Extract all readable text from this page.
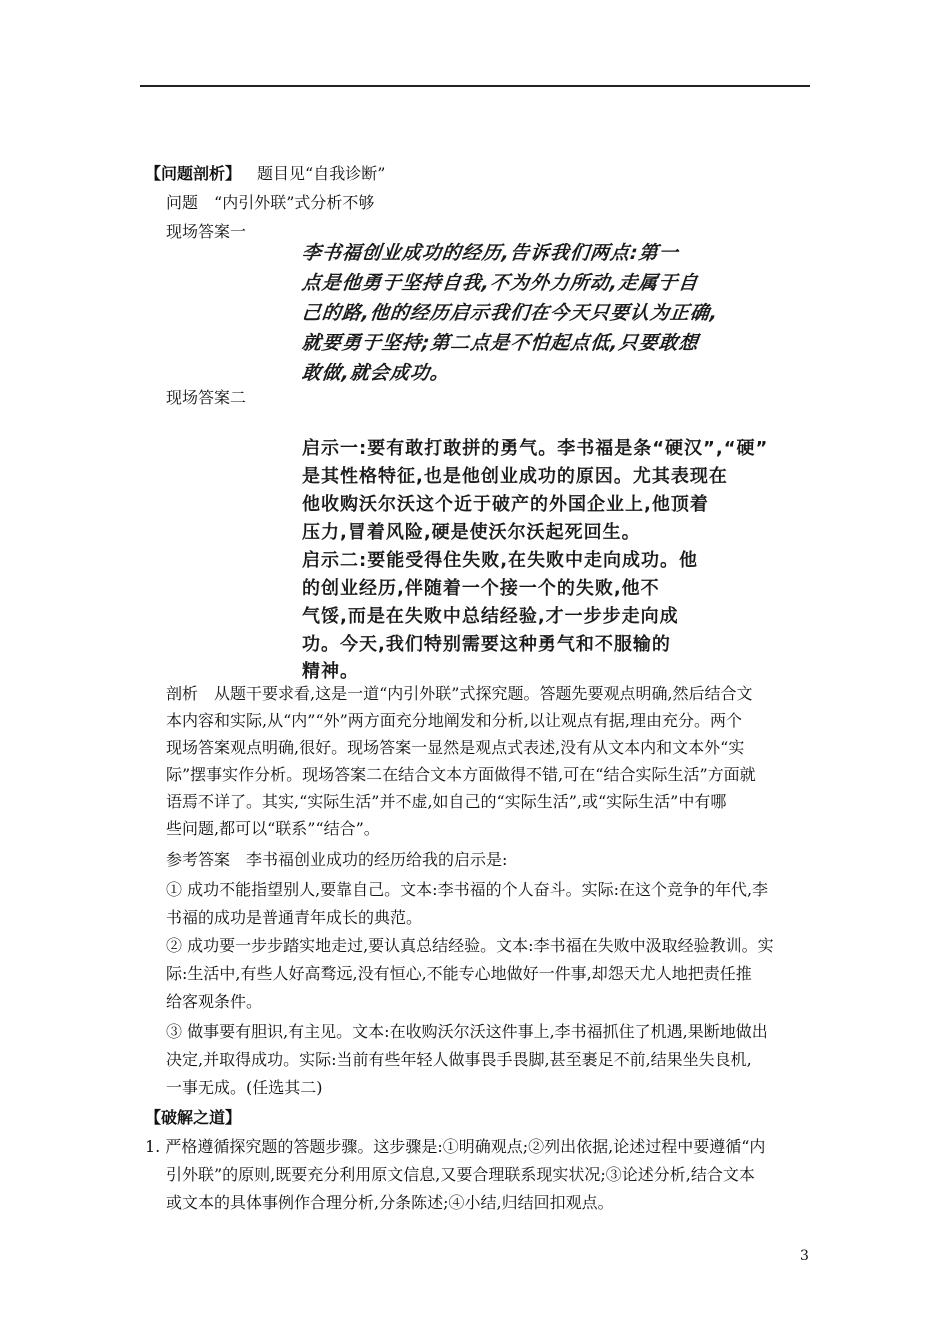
【问题剖析】 题目见“自我诊断”
问题 “内引外联”式分析不够
现场答案一
李书福创业成功的经历,告诉我们两点:第一
点是他勇于坚持自我,不为外力所动,走属于自
己的路,他的经历启示我们在今天只要认为正确,
就要勇于坚持;第二点是不怕起点低,只要敢想
敢做,就会成功。
现场答案二
启示一:要有敢打敢拼的勇气。李书福是条“硬汉”,“硬”
是其性格特征,也是他创业成功的原因。尤其表现在
他收购沃尔沃这个近于破产的外国企业上,他顶着
压力,冒着风险,硬是使沃尔沃起死回生。
启示二:要能受得住失败,在失败中走向成功。他
的创业经历,伴随着一个接一个的失败,他不
气馁,而是在失败中总结经验,才一步步走向成
功。今天,我们特别需要这种勇气和不服输的
精神。
剖析　从题干要求看,这是一道“内引外联”式探究题。答题先要观点明确,然后结合文
本内容和实际,从“内”“外”两方面充分地阐发和分析,以让观点有据,理由充分。两个
现场答案观点明确,很好。现场答案一显然是观点式表述,没有从文本内和文本外“实
际”摆事实作分析。现场答案二在结合文本方面做得不错,可在“结合实际生活”方面就
语焉不详了。其实,“实际生活”并不虚,如自己的“实际生活”,或“实际生活”中有哪
些问题,都可以“联系”“结合”。
参考答案　李书福创业成功的经历给我的启示是:
① 成功不能指望别人,要靠自己。文本:李书福的个人奋斗。实际:在这个竞争的年代,李
书福的成功是普通青年成长的典范。
② 成功要一步步踏实地走过,要认真总结经验。文本:李书福在失败中汲取经验教训。实
际:生活中,有些人好高骛远,没有恒心,不能专心地做好一件事,却怨天尤人地把责任推
给客观条件。
③ 做事要有胆识,有主见。文本:在收购沃尔沃这件事上,李书福抓住了机遇,果断地做出
决定,并取得成功。实际:当前有些年轻人做事畏手畏脚,甚至裹足不前,结果坐失良机,
一事无成。(任选其二)
【破解之道】
1. 严格遵循探究题的答题步骤。这步骤是:①明确观点;②列出依据,论述过程中要遵循“内
引外联”的原则,既要充分利用原文信息,又要合理联系现实状况;③论述分析,结合文本
或文本的具体事例作合理分析,分条陈述;④小结,归结回扣观点。
3
